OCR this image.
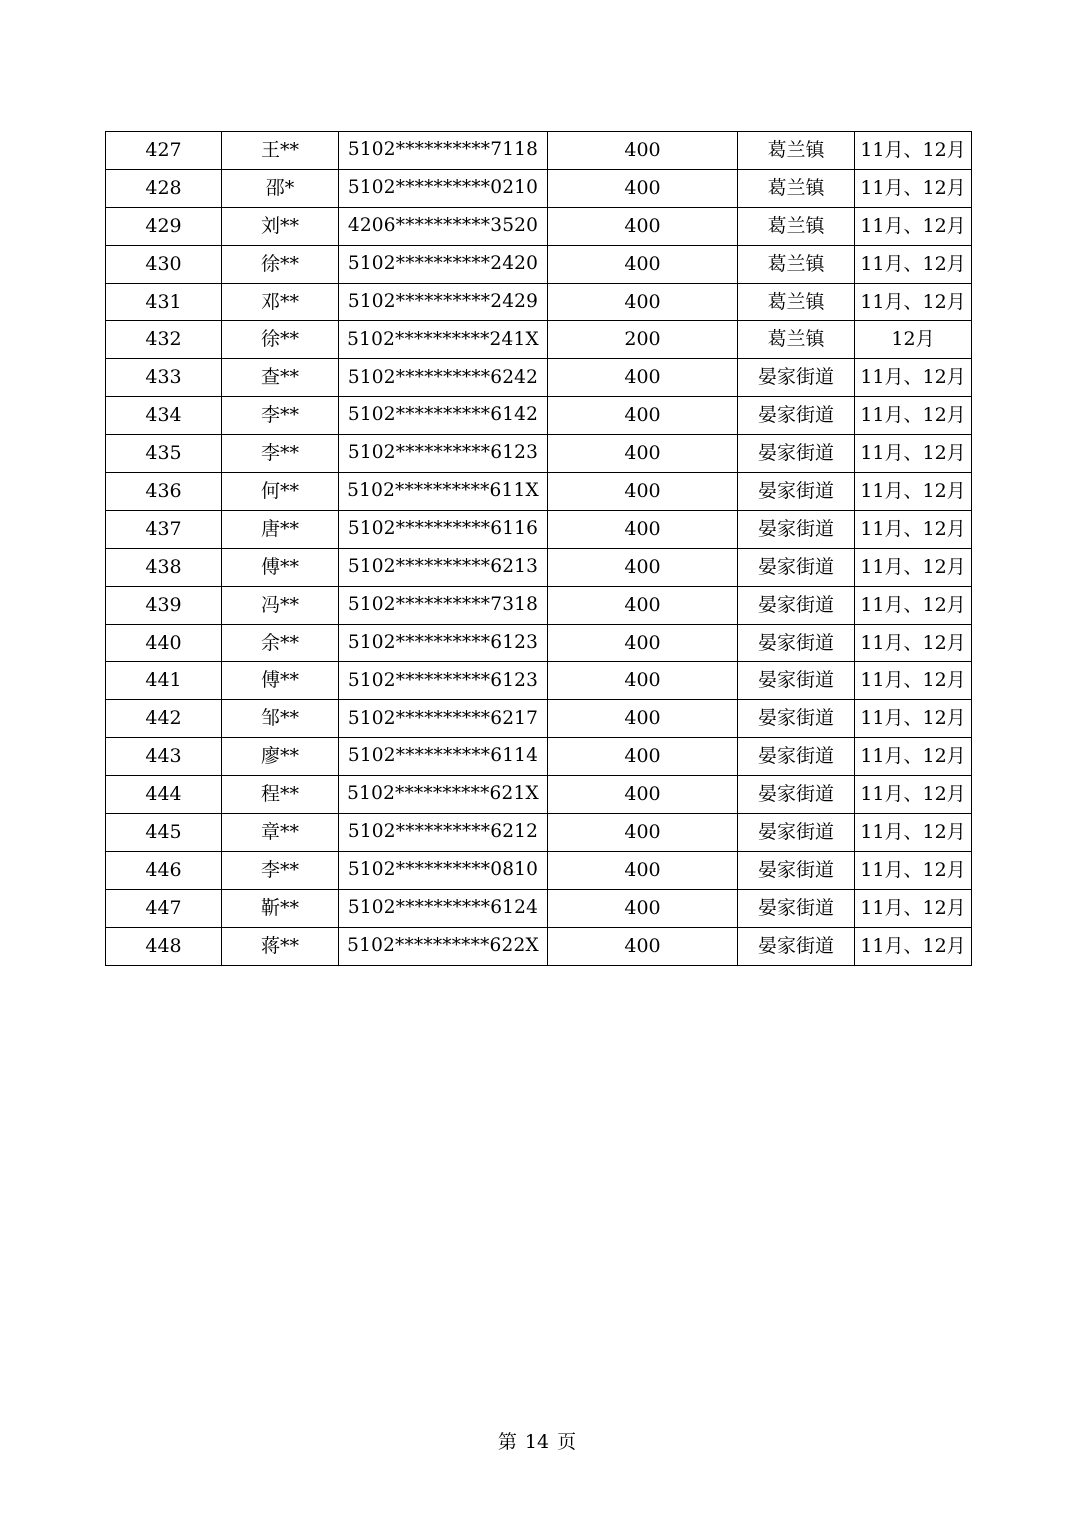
427	王**	5102**********7118	400	葛兰镇	11月、12月
428	邵*	5102**********0210	400	葛兰镇	11月、12月
429	刘**	4206**********3520	400	葛兰镇	11月、12月
430	徐**	5102**********2420	400	葛兰镇	11月、12月
431	邓**	5102**********2429	400	葛兰镇	11月、12月
432	徐**	5102**********241X	200	葛兰镇	12月
433	查**	5102**********6242	400	晏家街道	11月、12月
434	李**	5102**********6142	400	晏家街道	11月、12月
435	李**	5102**********6123	400	晏家街道	11月、12月
436	何**	5102**********611X	400	晏家街道	11月、12月
437	唐**	5102**********6116	400	晏家街道	11月、12月
438	傅**	5102**********6213	400	晏家街道	11月、12月
439	冯**	5102**********7318	400	晏家街道	11月、12月
440	余**	5102**********6123	400	晏家街道	11月、12月
441	傅**	5102**********6123	400	晏家街道	11月、12月
442	邹**	5102**********6217	400	晏家街道	11月、12月
443	廖**	5102**********6114	400	晏家街道	11月、12月
444	程**	5102**********621X	400	晏家街道	11月、12月
445	章**	5102**********6212	400	晏家街道	11月、12月
446	李**	5102**********0810	400	晏家街道	11月、12月
447	靳**	5102**********6124	400	晏家街道	11月、12月
448	蒋**	5102**********622X	400	晏家街道	11月、12月
第 14 页
